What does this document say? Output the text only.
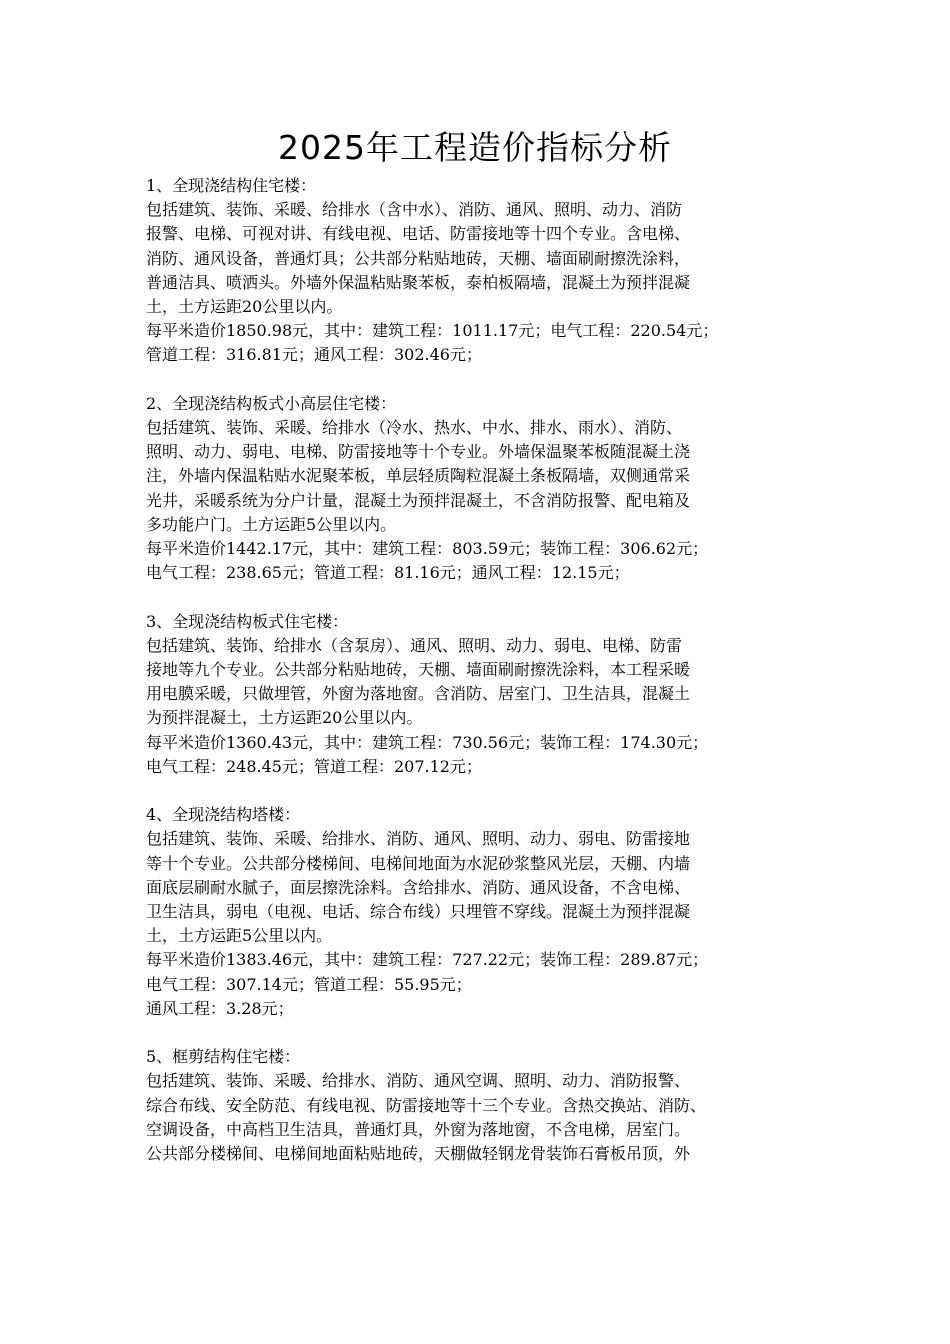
2025年工程造价指标分析

1、全现浇结构住宅楼：

包括建筑、装饰、采暖、给排水（含中水）、消防、通风、照明、动力、消防
报警、电梯、可视对讲、有线电视、电话、防雷接地等十四个专业。含电梯、
消防、通风设备，普通灯具；公共部分粘贴地砖，天棚、墙面刷耐擦洗涂料，
普通洁具、喷洒头。外墙外保温粘贴聚苯板，泰柏板隔墙，混凝土为预拌混凝
土，土方运距20公里以内。

每平米造价1850.98元，其中：建筑工程：1011.17元；电气工程：220.54元；
管道工程：316.81元；通风工程：302.46元；

2、全现浇结构板式小高层住宅楼：

包括建筑、装饰、采暖、给排水（冷水、热水、中水、排水、雨水）、消防、
照明、动力、弱电、电梯、防雷接地等十个专业。外墙保温聚苯板随混凝土浇
注，外墙内保温粘贴水泥聚苯板，单层轻质陶粒混凝土条板隔墙，双侧通常采
光井，采暖系统为分户计量，混凝土为预拌混凝土，不含消防报警、配电箱及
多功能户门。土方运距5公里以内。

每平米造价1442.17元，其中：建筑工程：803.59元；装饰工程：306.62元；
电气工程：238.65元；管道工程：81.16元；通风工程：12.15元；

3、全现浇结构板式住宅楼：

包括建筑、装饰、给排水（含泵房）、通风、照明、动力、弱电、电梯、防雷
接地等九个专业。公共部分粘贴地砖，天棚、墙面刷耐擦洗涂料，本工程采暖
用电膜采暖，只做埋管，外窗为落地窗。含消防、居室门、卫生洁具，混凝土
为预拌混凝土，土方运距20公里以内。

每平米造价1360.43元，其中：建筑工程：730.56元；装饰工程：174.30元；
电气工程：248.45元；管道工程：207.12元；

4、全现浇结构塔楼：

包括建筑、装饰、采暖、给排水、消防、通风、照明、动力、弱电、防雷接地
等十个专业。公共部分楼梯间、电梯间地面为水泥砂浆整风光层，天棚、内墙
面底层刷耐水腻子，面层擦洗涂料。含给排水、消防、通风设备，不含电梯、
卫生洁具，弱电（电视、电话、综合布线）只埋管不穿线。混凝土为预拌混凝
土，土方运距5公里以内。

每平米造价1383.46元，其中：建筑工程：727.22元；装饰工程：289.87元；
电气工程：307.14元；管道工程：55.95元；
通风工程：3.28元；

5、框剪结构住宅楼：

包括建筑、装饰、采暖、给排水、消防、通风空调、照明、动力、消防报警、
综合布线、安全防范、有线电视、防雷接地等十三个专业。含热交换站、消防、
空调设备，中高档卫生洁具，普通灯具，外窗为落地窗，不含电梯，居室门。
公共部分楼梯间、电梯间地面粘贴地砖，天棚做轻钢龙骨装饰石膏板吊顶，外
